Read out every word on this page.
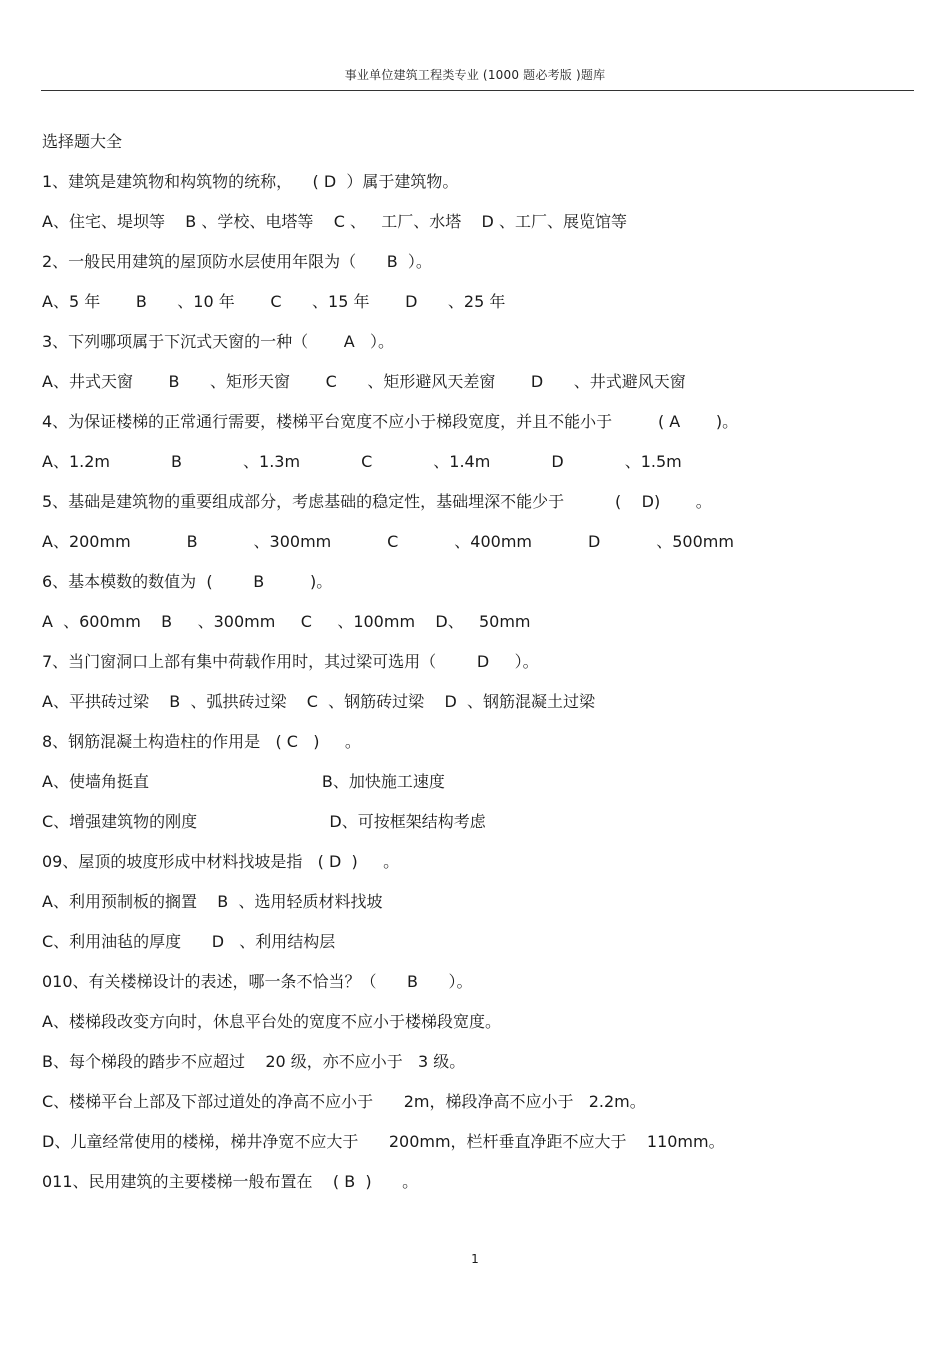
事业单位建筑工程类专业 (1000 题必考版 )题库
选择题大全
1、建筑是建筑物和构筑物的统称，    ( D  ）属于建筑物。
A、住宅、堤坝等    B 、学校、电塔等    C 、   工厂、水塔    D 、工厂、展览馆等
2、一般民用建筑的屋顶防水层使用年限为（      B  ）。
A、5 年       B      、10 年       C      、15 年       D      、25 年
3、下列哪项属于下沉式天窗的一种（       A   ）。
A、井式天窗       B      、矩形天窗       C      、矩形避风天差窗       D      、井式避风天窗
4、为保证楼梯的正常通行需要，楼梯平台宽度不应小于梯段宽度，并且不能小于         ( A       )。
A、1.2m            B            、1.3m            C            、1.4m            D            、1.5m
5、基础是建筑物的重要组成部分，考虑基础的稳定性，基础埋深不能少于          (    D)       。
A、200mm           B           、300mm           C           、400mm           D           、500mm
6、基本模数的数值为  (        B         )。
A  、600mm    B     、300mm     C     、100mm    D、   50mm
7、当门窗洞口上部有集中荷载作用时，其过梁可选用（        D     ）。
A、平拱砖过梁    B  、弧拱砖过梁    C  、钢筋砖过梁    D  、钢筋混凝土过梁
8、钢筋混凝土构造柱的作用是   ( C   )     。
A、使墙角挺直                                  B、加快施工速度
C、增强建筑物的刚度                          D、可按框架结构考虑
09、屋顶的坡度形成中材料找坡是指   ( D  )     。
A、利用预制板的搁置    B  、选用轻质材料找坡
C、利用油毡的厚度      D   、利用结构层
010、有关楼梯设计的表述，哪一条不恰当？（      B      ）。
A、楼梯段改变方向时，休息平台处的宽度不应小于楼梯段宽度。
B、每个梯段的踏步不应超过    20 级，亦不应小于   3 级。
C、楼梯平台上部及下部过道处的净高不应小于      2m，梯段净高不应小于   2.2m。
D、儿童经常使用的楼梯，梯井净宽不应大于      200mm，栏杆垂直净距不应大于    110mm。
011、民用建筑的主要楼梯一般布置在    ( B  )      。
1
